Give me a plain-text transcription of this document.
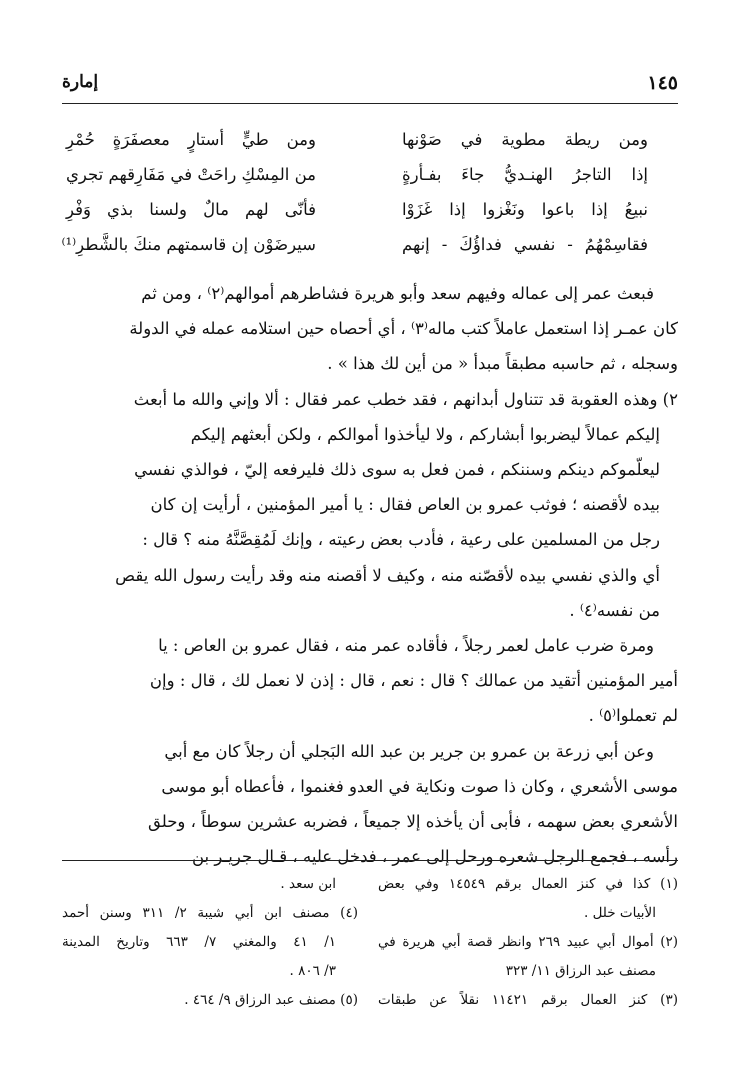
١٤٥
إمارة
ومن ريطة مطوية في صَوْنها
ومن طيٍّ أستارٍ معصفَرَةٍ حُمْرِ
إذا التاجرُ الهنـديُّ جاءَ بفـأرةٍ
من المِسْكِ راحَتْ في مَفَارِقهم تجري
نبيعُ إذا باعوا ونَغْزوا إذا غَزَوْا
فأنّى لهم مالٌ ولسنا بذي وَفْرِ
فقاسِمْهُمُ - نفسي فداؤُكَ - إنهم
سيرضَوْن إن قاسمتهم منكَ بالشَّطرِ⁽¹⁾

فبعث عمر إلى عماله وفيهم سعد وأبو هريرة فشاطرهم أموالهم⁽٢⁾ ، ومن ثم

كان عمـر إذا استعمل عاملاً كتب ماله⁽٣⁾ ، أي أحصاه حين استلامه عمله في الدولة

وسجله ، ثم حاسبه مطبقاً مبدأ « من أين لك هذا » .

٢) وهذه العقوبة قد تتناول أبدانهم ، فقد خطب عمر فقال : ألا وإني والله ما أبعث

إليكم عمالاً ليضربوا أبشاركم ، ولا ليأخذوا أموالكم ، ولكن أبعثهم إليكم

ليعلّموكم دينكم وسننكم ، فمن فعل به سوى ذلك فليرفعه إليّ ، فوالذي نفسي

بيده لأقصنه ؛ فوثب عمرو بن العاص فقال : يا أمير المؤمنين ، أرأيت إن كان

رجل من المسلمين على رعية ، فأدب بعض رعيته ، وإنك لَمُقِصَّنَّهُ منه ؟ قال :

أي والذي نفسي بيده لأقصّنه منه ، وكيف لا أقصنه منه وقد رأيت رسول الله يقص

من نفسه⁽٤⁾ .

ومرة ضرب عامل لعمر رجلاً ، فأقاده عمر منه ، فقال عمرو بن العاص : يا

أمير المؤمنين أتقيد من عمالك ؟ قال : نعم ، قال : إذن لا نعمل لك ، قال : وإن

لم تعملوا⁽٥⁾ .

وعن أبي زرعة بن عمرو بن جرير بن عبد الله البَجلي أن رجلاً كان مع أبي

موسى الأشعري ، وكان ذا صوت ونكاية في العدو فغنموا ، فأعطاه أبو موسى

الأشعري بعض سهمه ، فأبى أن يأخذه إلا جميعاً ، فضربه عشرين سوطاً ، وحلق

رأسه ، فجمع الرجل شعره ورحل إلى عمر ، فدخل عليه ، قـال جريـر بن

(١) كذا في كنز العمال برقم ١٤٥٤٩ وفي بعض
الأبيات خلل .
(٢) أموال أبي عبيد ٢٦٩ وانظر قصة أبي هريرة في
مصنف عبد الرزاق ١١/ ٣٢٣
(٣) كنز العمال برقم ١١٤٢١ نقلاً عن طبقات
ابن سعد .
(٤) مصنف ابن أبي شيبة ٢/ ٣١١ وسنن أحمد
١/ ٤١ والمغني ٧/ ٦٦٣ وتاريخ المدينة
٣/ ٨٠٦ .
(٥) مصنف عبد الرزاق ٩/ ٤٦٤ .
